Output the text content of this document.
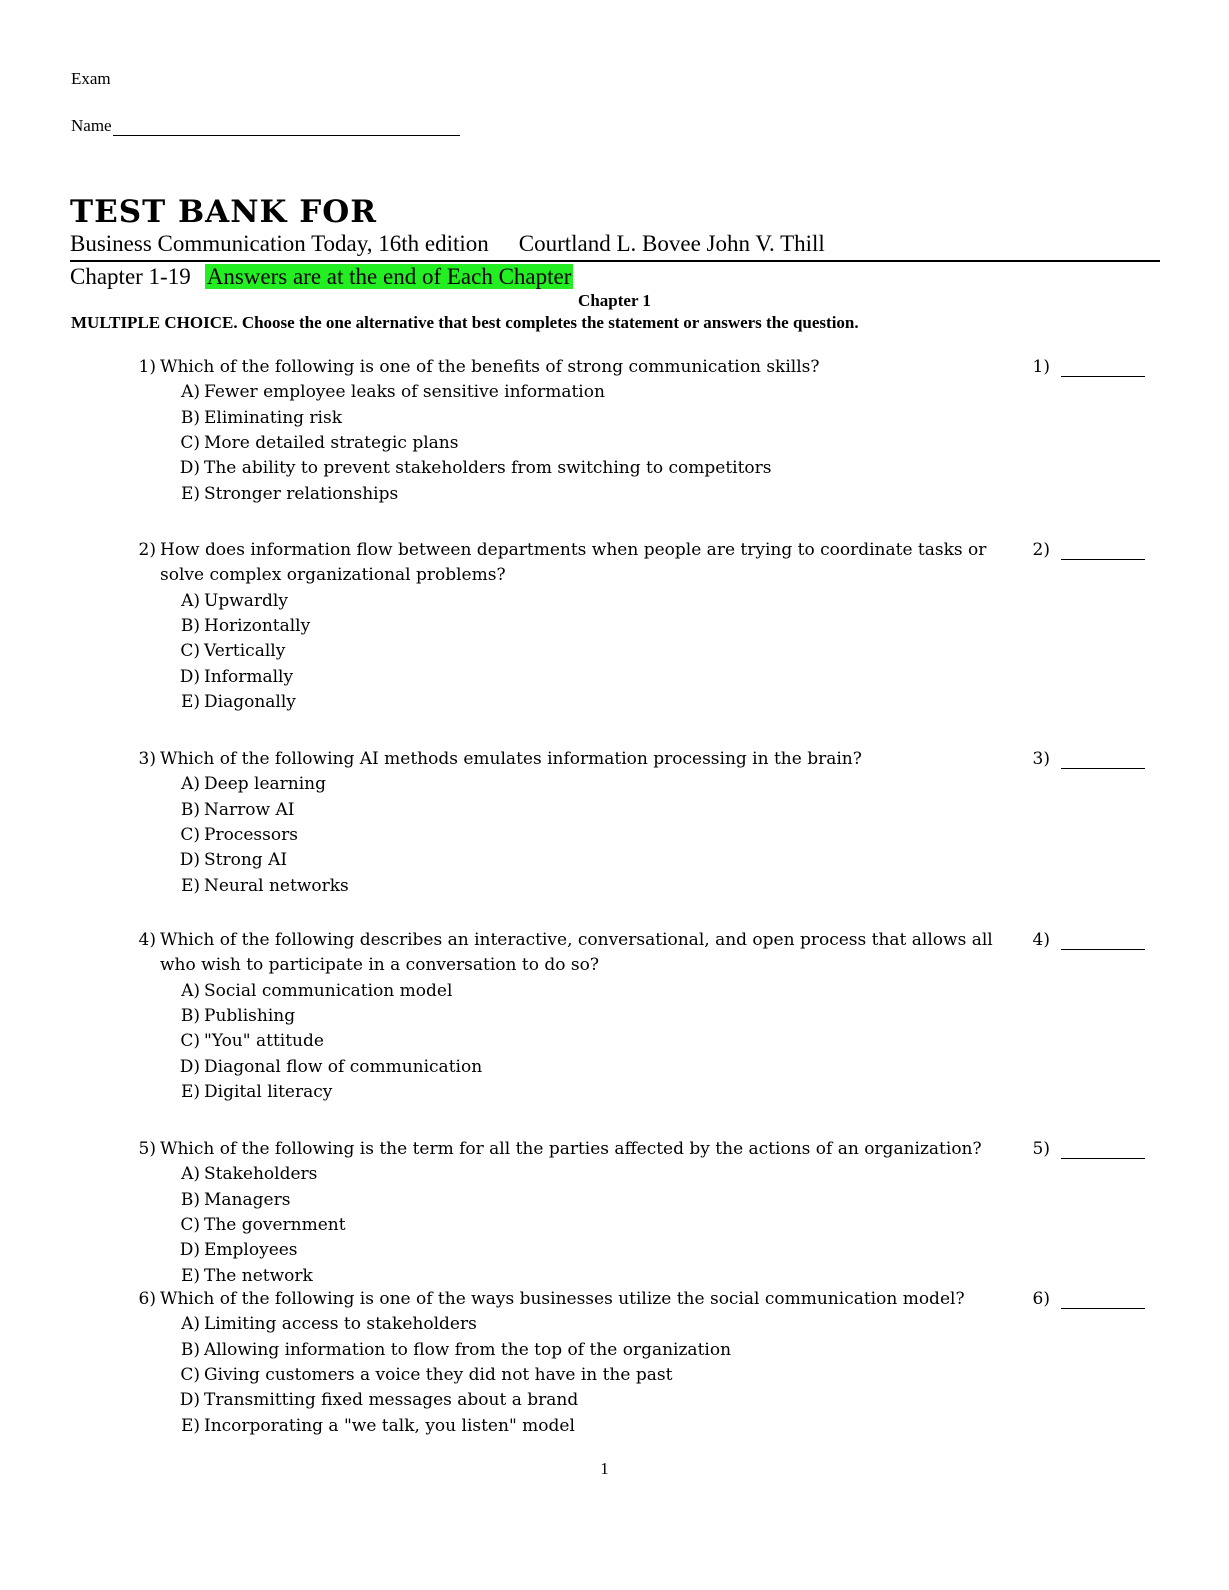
Exam
Name
TEST BANK FOR
Business Communication Today, 16th edition Courtland L. Bovee John V. Thill
Chapter 1-19 Answers are at the end of Each Chapter
Chapter 1
MULTIPLE CHOICE. Choose the one alternative that best completes the statement or answers the question.
1) Which of the following is one of the benefits of strong communication skills?
A) Fewer employee leaks of sensitive information
B) Eliminating risk
C) More detailed strategic plans
D) The ability to prevent stakeholders from switching to competitors
E) Stronger relationships
1)
2) How does information flow between departments when people are trying to coordinate tasks or
solve complex organizational problems?
A) Upwardly
B) Horizontally
C) Vertically
D) Informally
E) Diagonally
2)
3) Which of the following AI methods emulates information processing in the brain?
A) Deep learning
B) Narrow AI
C) Processors
D) Strong AI
E) Neural networks
3)
4) Which of the following describes an interactive, conversational, and open process that allows all
who wish to participate in a conversation to do so?
A) Social communication model
B) Publishing
C) "You" attitude
D) Diagonal flow of communication
E) Digital literacy
4)
5) Which of the following is the term for all the parties affected by the actions of an organization?
A) Stakeholders
B) Managers
C) The government
D) Employees
E) The network
5)
6) Which of the following is one of the ways businesses utilize the social communication model?
A) Limiting access to stakeholders
B) Allowing information to flow from the top of the organization
C) Giving customers a voice they did not have in the past
D) Transmitting fixed messages about a brand
E) Incorporating a "we talk, you listen" model
6)
1
